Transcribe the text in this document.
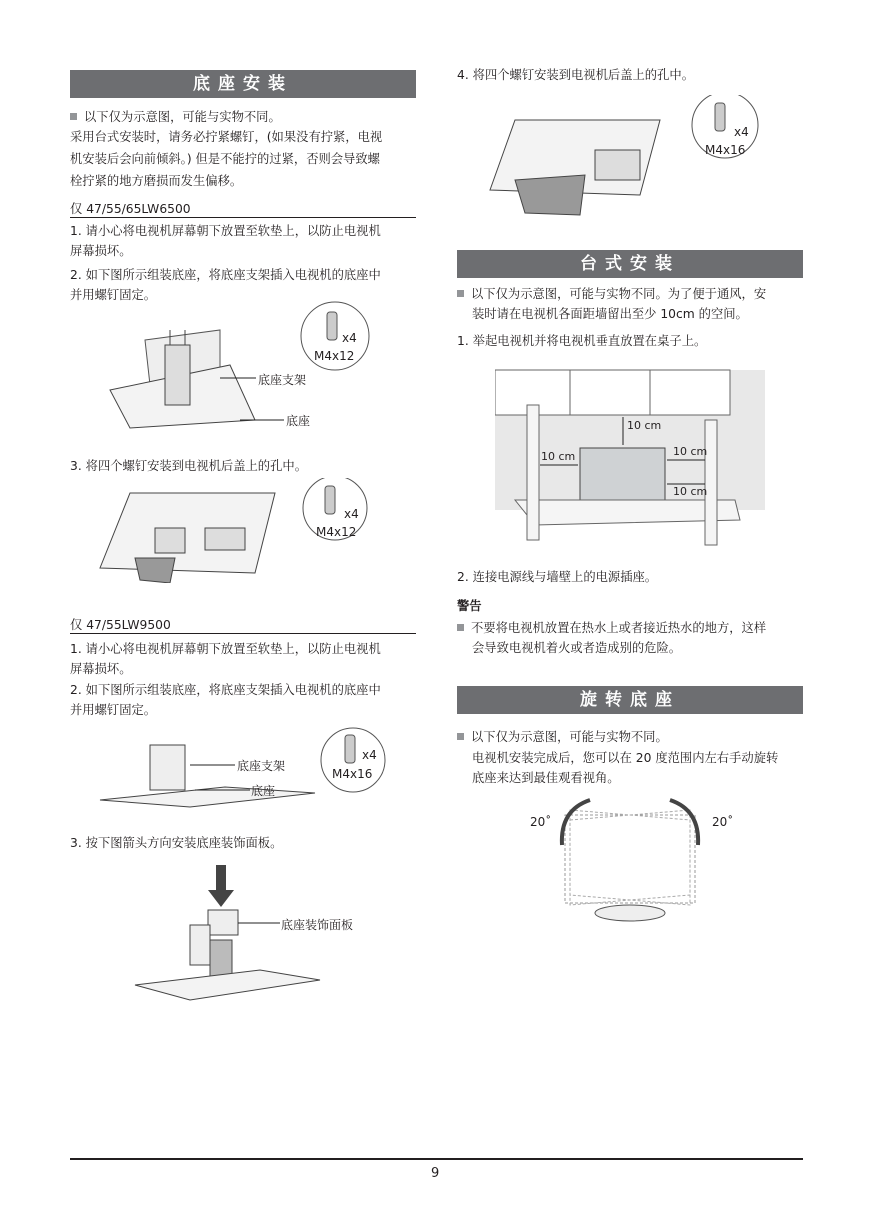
底座安装
以下仅为示意图，可能与实物不同。
采用台式安装时，请务必拧紧螺钉，(如果没有拧紧，电视
机安装后会向前倾斜。) 但是不能拧的过紧，否则会导致螺
栓拧紧的地方磨损而发生偏移。
仅 47/55/65LW6500
1. 请小心将电视机屏幕朝下放置至软垫上，以防止电视机
屏幕损坏。
2. 如下图所示组装底座，将底座支架插入电视机的底座中
并用螺钉固定。
底座支架
底座
x4
M4x12
3. 将四个螺钉安装到电视机后盖上的孔中。
x4
M4x12
仅 47/55LW9500
1. 请小心将电视机屏幕朝下放置至软垫上，以防止电视机
屏幕损坏。
2. 如下图所示组装底座，将底座支架插入电视机的底座中
并用螺钉固定。
底座支架
底座
x4
M4x16
3. 按下图箭头方向安装底座装饰面板。
底座装饰面板
4. 将四个螺钉安装到电视机后盖上的孔中。
x4
M4x16
台式安装
以下仅为示意图，可能与实物不同。为了便于通风，安
装时请在电视机各面距墙留出至少 10cm 的空间。
1. 举起电视机并将电视机垂直放置在桌子上。
10 cm
10 cm	10 cm
10 cm
2. 连接电源线与墙壁上的电源插座。
警告
不要将电视机放置在热水上或者接近热水的地方，这样
会导致电视机着火或者造成别的危险。
旋转底座
以下仅为示意图，可能与实物不同。
电视机安装完成后，您可以在 20 度范围内左右手动旋转
底座来达到最佳观看视角。
20˚	20˚
9
